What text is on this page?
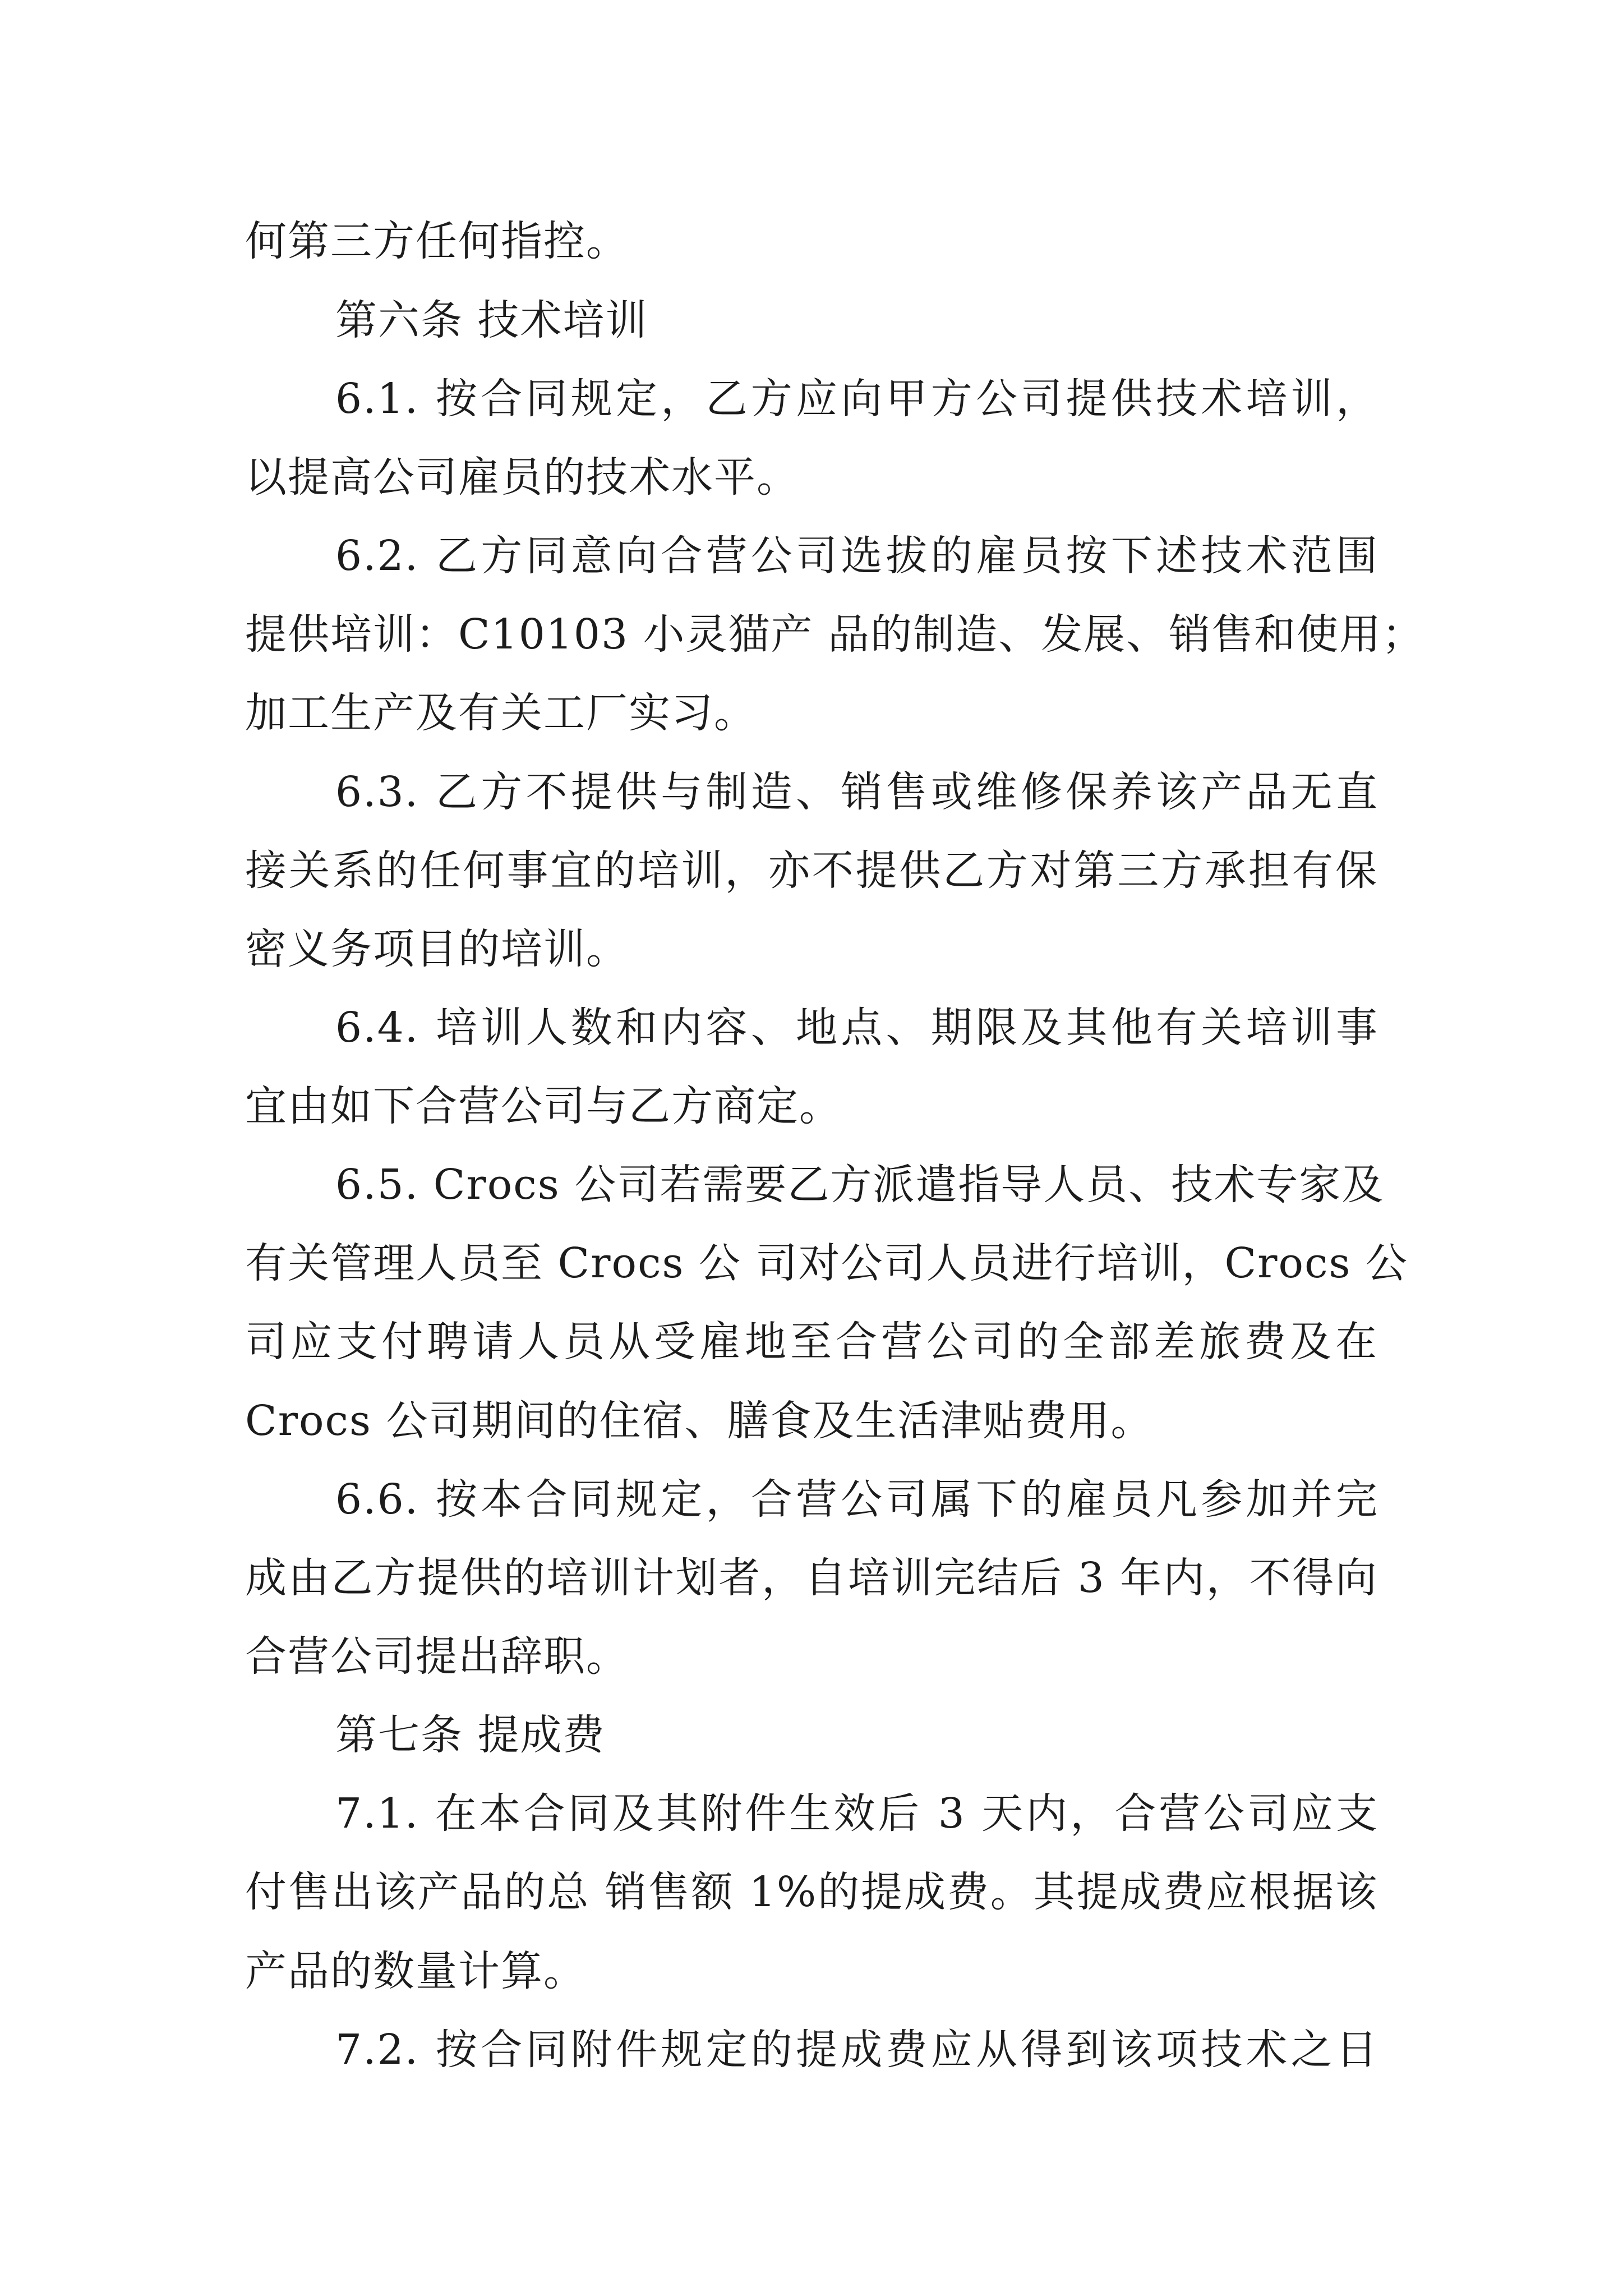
何第三方任何指控。
第六条 技术培训
6.1. 按合同规定，乙方应向甲方公司提供技术培训，
以提高公司雇员的技术水平。
6.2. 乙方同意向合营公司选拔的雇员按下述技术范围
提供培训：C10103 小灵猫产 品的制造、发展、销售和使用；
加工生产及有关工厂实习。
6.3. 乙方不提供与制造、销售或维修保养该产品无直
接关系的任何事宜的培训，亦不提供乙方对第三方承担有保
密义务项目的培训。
6.4. 培训人数和内容、地点、期限及其他有关培训事
宜由如下合营公司与乙方商定。
6.5. Crocs 公司若需要乙方派遣指导人员、技术专家及
有关管理人员至 Crocs 公 司对公司人员进行培训，Crocs 公
司应支付聘请人员从受雇地至合营公司的全部差旅费及在
Crocs 公司期间的住宿、膳食及生活津贴费用。
6.6. 按本合同规定，合营公司属下的雇员凡参加并完
成由乙方提供的培训计划者，自培训完结后 3 年内，不得向
合营公司提出辞职。
第七条 提成费
7.1. 在本合同及其附件生效后 3 天内，合营公司应支
付售出该产品的总 销售额 1%的提成费。其提成费应根据该
产品的数量计算。
7.2. 按合同附件规定的提成费应从得到该项技术之日
